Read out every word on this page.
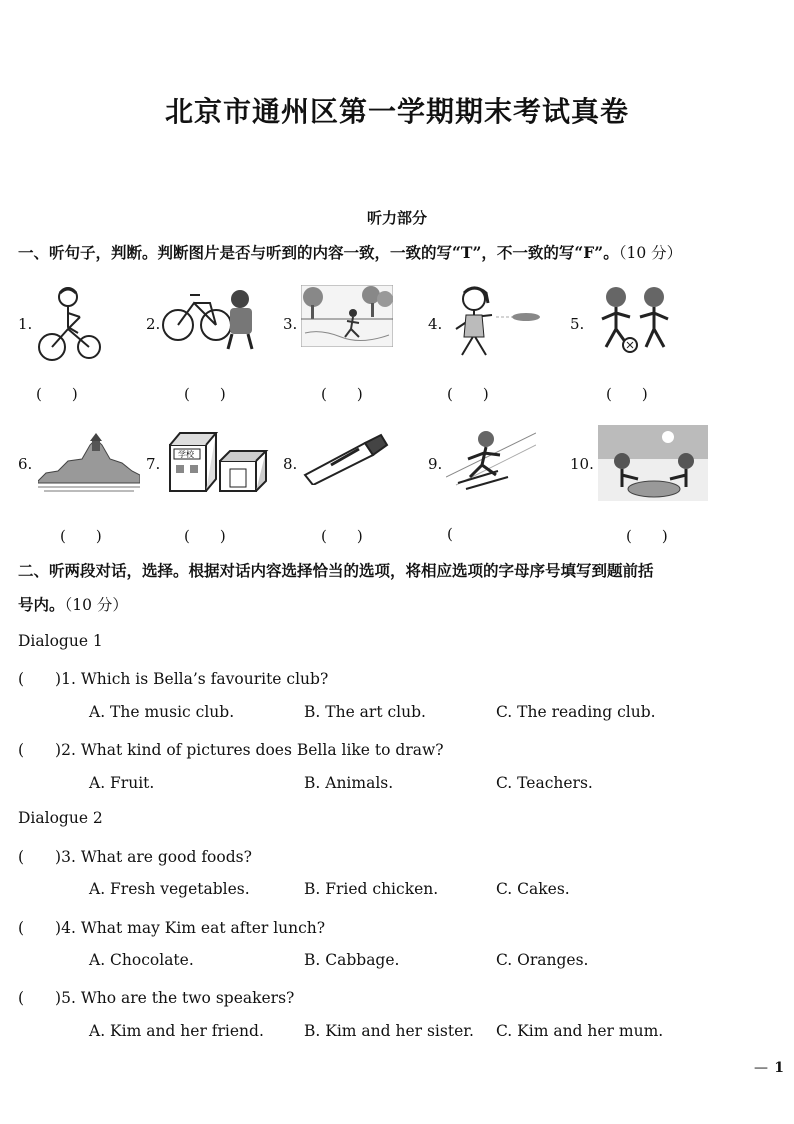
北京市通州区第一学期期末考试真卷
听力部分
一、听句子，判断。判断图片是否与听到的内容一致，一致的写“T”，不一致的写“F”。（10 分）
1.	2.	3.	4.	5.
(　　)	(　　)	(　　)	(　　)	(　　)
6.	7.
学校
8.	9.	10.
(　　)	(　　)	(　　)	(	(　　)
二、听两段对话，选择。根据对话内容选择恰当的选项，将相应选项的字母序号填写到题前括
号内。（10 分）
Dialogue 1
(　　)1. Which is Bella’s favourite club?
A. The music club.	B. The art club.	C. The reading club.
(　　)2. What kind of pictures does Bella like to draw?
A. Fruit.	B. Animals.	C. Teachers.
Dialogue 2
(　　)3. What are good foods?
A. Fresh vegetables.	B. Fried chicken.	C. Cakes.
(　　)4. What may Kim eat after lunch?
A. Chocolate.	B. Cabbage.	C. Oranges.
(　　)5. Who are the two speakers?
A. Kim and her friend.	B. Kim and her sister. C. Kim and her mum.
— 1
